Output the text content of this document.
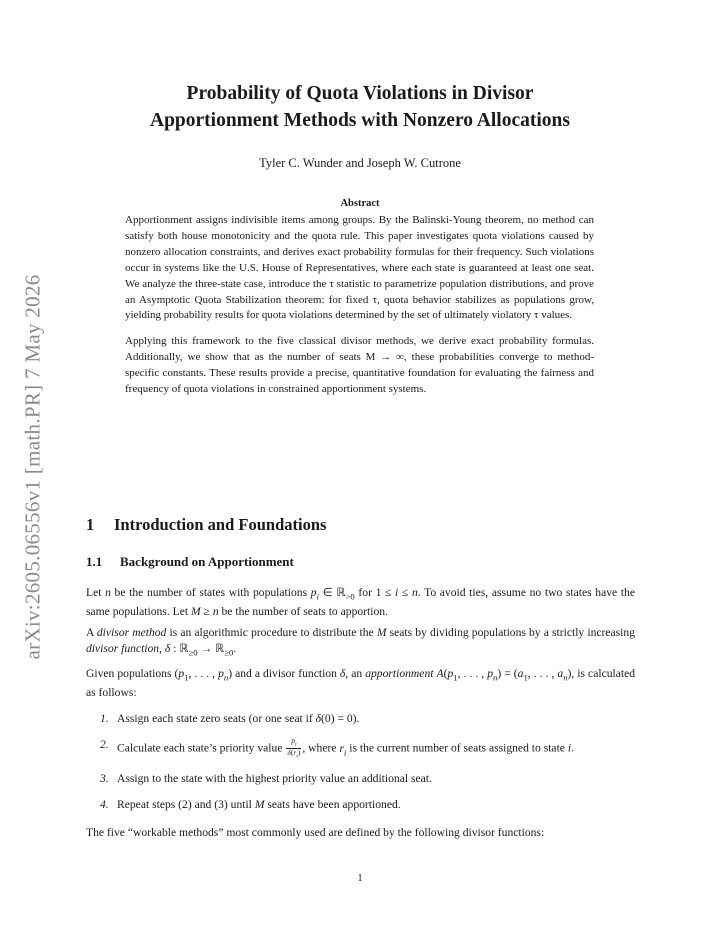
arXiv:2605.06556v1 [math.PR] 7 May 2026
Probability of Quota Violations in Divisor
Apportionment Methods with Nonzero Allocations
Tyler C. Wunder and Joseph W. Cutrone
Abstract

Apportionment assigns indivisible items among groups. By the Balinski-Young theorem, no method can satisfy both house monotonicity and the quota rule. This paper investigates quota violations caused by nonzero allocation constraints, and derives exact probability formulas for their frequency. Such violations occur in systems like the U.S. House of Representatives, where each state is guaranteed at least one seat. We analyze the three-state case, introduce the τ statistic to parametrize population distributions, and prove an Asymptotic Quota Stabilization theorem: for fixed τ, quota behavior stabilizes as populations grow, yielding probability results for quota violations determined by the set of ultimately violatory τ values.

Applying this framework to the five classical divisor methods, we derive exact probability formulas. Additionally, we show that as the number of seats M → ∞, these probabilities converge to method-specific constants. These results provide a precise, quantitative foundation for evaluating the fairness and frequency of quota violations in constrained apportionment systems.

1 Introduction and Foundations
1.1 Background on Apportionment

Let n be the number of states with populations $p_i$ ∈ ℝ$_{>0}$ for 1 ≤ i ≤ n. To avoid ties, assume no two states have the same populations. Let M ≥ n be the number of seats to apportion.

A divisor method is an algorithmic procedure to distribute the M seats by dividing populations by a strictly increasing divisor function, δ : ℝ$_{\ge 0}$ → ℝ$_{\ge 0}$.

Given populations ($p_1$, . . . , $p_n$) and a divisor function δ, an apportionment $A(p_1$, . . . , $p_n) = (a_1$, . . . , $a_n$), is calculated as follows:

1. Assign each state zero seats (or one seat if δ(0) = 0).
2. Calculate each state’s priority value $\frac{p_i}{\delta(r_i)}$ , where $r_i$ is the current number of seats assigned to state i.
3. Assign to the state with the highest priority value an additional seat.
4. Repeat steps (2) and (3) until M seats have been apportioned.

The five “workable methods” most commonly used are defined by the following divisor functions:

1
